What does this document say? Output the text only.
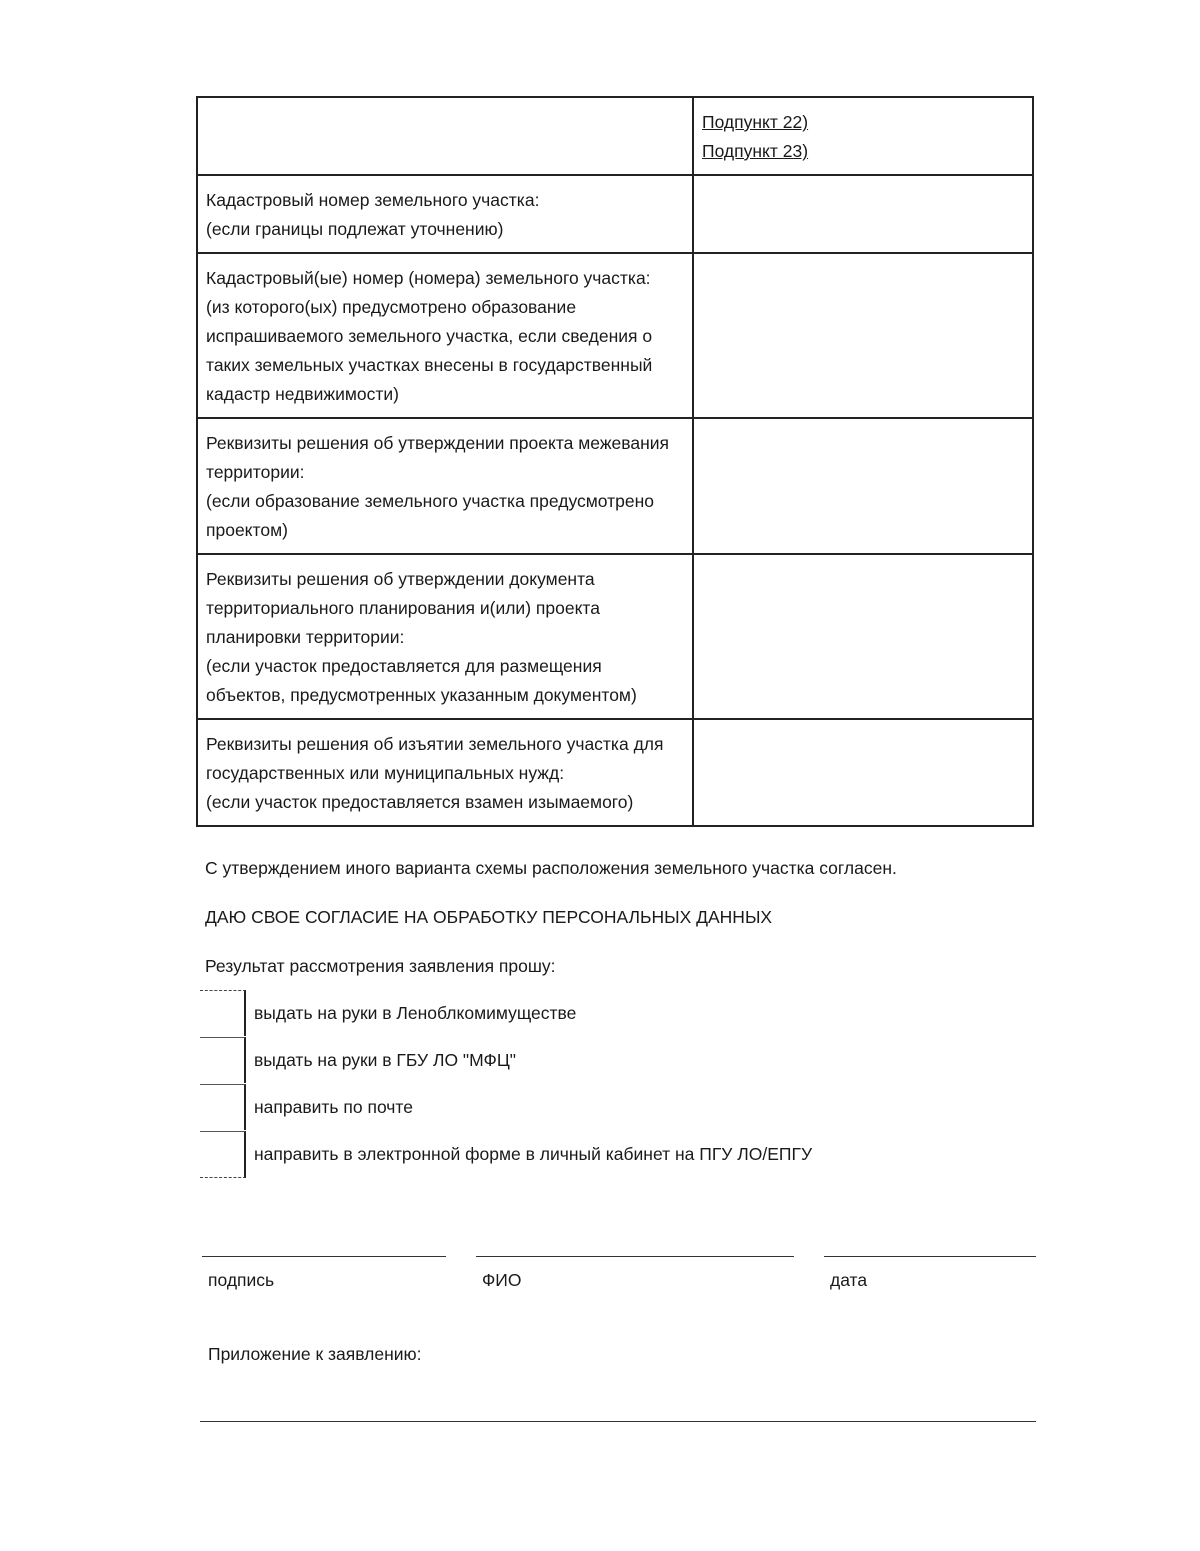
	Подпункт 22)
Подпункт 23)

Кадастровый номер земельного участка:
(если границы подлежат уточнению)	

Кадастровый(ые) номер (номера) земельного участка:
(из которого(ых) предусмотрено образование испрашиваемого земельного участка, если сведения о таких земельных участках внесены в государственный кадастр недвижимости)	

Реквизиты решения об утверждении проекта межевания территории:
(если образование земельного участка предусмотрено проектом)	

Реквизиты решения об утверждении документа территориального планирования и(или) проекта планировки территории:
(если участок предоставляется для размещения объектов, предусмотренных указанным документом)	

Реквизиты решения об изъятии земельного участка для государственных или муниципальных нужд:
(если участок предоставляется взамен изымаемого)	

С утверждением иного варианта схемы расположения земельного участка согласен.
ДАЮ СВОЕ СОГЛАСИЕ НА ОБРАБОТКУ ПЕРСОНАЛЬНЫХ ДАННЫХ
Результат рассмотрения заявления прошу:
выдать на руки в Леноблкомимуществе
выдать на руки в ГБУ ЛО "МФЦ"
направить по почте
направить в электронной форме в личный кабинет на ПГУ ЛО/ЕПГУ
подпись	ФИО	дата
Приложение к заявлению:
